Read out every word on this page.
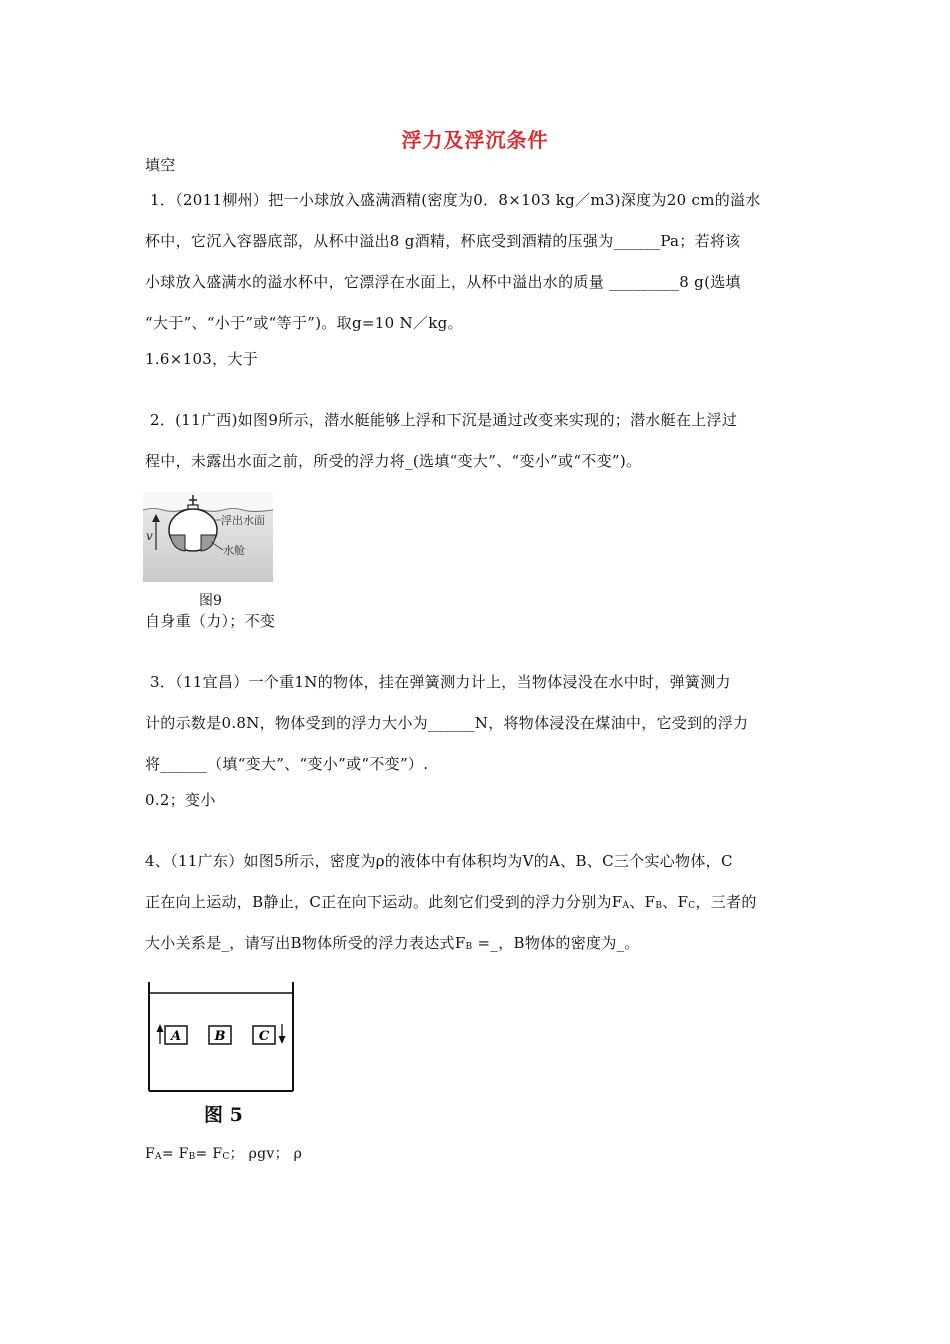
浮力及浮沉条件
填空
1．（2011柳州）把一小球放入盛满酒精(密度为0．8×103 kg／m3)深度为20 cm的溢水
杯中，它沉入容器底部，从杯中溢出8 g酒精，杯底受到酒精的压强为______Pa；若将该
小球放入盛满水的溢水杯中，它漂浮在水面上，从杯中溢出水的质量 _________8 g(选填
“大于”、“小于”或“等于”)。取g=10 N／kg。
1.6×103，大于
2．(11广西)如图9所示，潜水艇能够上浮和下沉是通过改变来实现的；潜水艇在上浮过
程中，未露出水面之前，所受的浮力将_(选填“变大”、“变小”或“不变”)。
v
浮出水面
水舱
图9
自身重（力）；不变
3．（11宜昌）一个重1N的物体，挂在弹簧测力计上，当物体浸没在水中时，弹簧测力
计的示数是0.8N，物体受到的浮力大小为______N，将物体浸没在煤油中，它受到的浮力
将______（填“变大”、“变小”或“不变”）.
0.2；变小
4、（11广东）如图5所示，密度为ρ的液体中有体积均为V的A、B、C三个实心物体，C
正在向上运动，B静止，C正在向下运动。此刻它们受到的浮力分别为$F_A$、$F_B$、$F_C$，三者的
大小关系是_，请写出B物体所受的浮力表达式$F_B$ =_，B物体的密度为_。
A	B	C
图 5
$F_A= F_B= F_C$； ρgv； ρ
